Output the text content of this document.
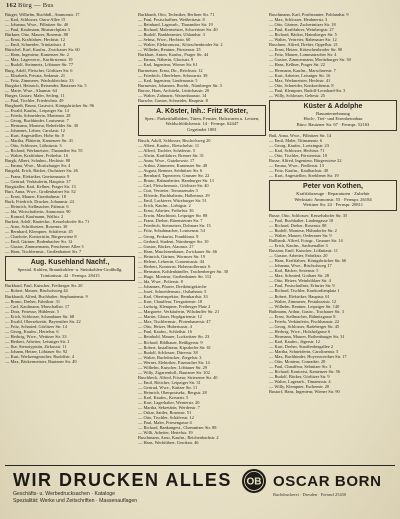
162 Bürg — Bus
Bürger, Wilhelm, Buchhdl., Ammonstr. 17
— Karl, Schlosser, Ostra-Allee 15
— Johanna, Wwe., Pillnitzer Str. 40
— Paul, Kaufmann, Bismarckplatz 3
Bürkner, Otto, Maurer, Rosenstr. 88
— Ernst, Kraftfahrer, Hechtstr. 12
— Emil, Schneider, Trinitatisstr. 4
Bürschel, Karl, Kaufm., Zwickauer Str. 60
— Hans, Ingenieur, Kamenzer Str. 2
— Max, Lagerverw., Kurfürstenstr. 19
— Rudolf, Steinmetz, Löbtauer Str. 77
Burg, Adolf, Fleischer, Görlitzer Str. 6
— Elisabeth, Privata, Sedanstr. 21
— Fritz, Zimmerer, Wachsbleichstr. 33
Burgdorf, Heinrich, Reisender, Bautzner Str. 5
— Marie, Wwe., Alaunstr. 64
Burger, Gustav, Maler, Seilerg. 11
— Paul, Tischler, Friedrichstr. 49
Burghardt, Bruno, Gastwirt, Königsbrücker Str. 96
— Ewald, Kaufm., Leipziger Str. 14
— Frieda, Schneiderin, Marienstr. 28
— Georg, Buchbinder, Louisenstr. 7
— Hermann, Monteur, Rehefelder Str. 30
— Johannes, Lehrer, Carolastr. 12
— Kurt, Angestellter, Hohe Str. 8
— Martha, Plätterin, Kamenzer Str. 41
— Otto, Schlosser, Lößnitzstr. 3
— Richard, Werkmeister, Tharandter Str. 55
— Walter, Kraftfahrer, Fröbelstr. 16
Burgk, Albert, Schuhm., Hechtstr. 88
— Emma, Wwe., Moritzburger Str. 4
Burgold, Erich, Bäcker, Oschatzer Str. 26
— Franz, Elektriker, Gneisenaustr. 9
— Gertrud, Verkäuferin, Hauptstr. 37
Burgstaller, Karl, Kellner, Prager Str. 13
Buri, Anna, Wwe., Großenhainer Str. 52
— Ernst, Maurer, Eisenbahnstr. 18
Burk, Friedrich, Drucker, Johannstr. 24
— Heinrich, Stellmacher, Palmstr. 6
— Ida, Wirtschafterin, Ammonstr. 90
— Konrad, Kaufmann, Wallstr. 2
Burkert, Adolf, Bautechn., Kesselsdorfer Str. 71
— Arno, Schriftsetzer, Rosenstr. 30
— Bernhard, Klempner, Schäferstr. 45
— Charlotte, Kontoristin, Bürgerwiese 8
— Emil, Gärtner, Bodenbacher Str. 12
— Gustav, Zimmermann, Pieschener Allee 3
— Hans, Tischlermstr., Großenhainer Str. 7
Aug. Kusehland Nachf.,
Spezial. Kohlen, Braunkohlen- u. Steinkohlen-Großhdlg.
Trinitatisstr. 42 · Fernspr. 28415
Burkhard, Paul, Kutscher, Freiberger Str. 20
— Robert, Maurer, Bischofsweg 44
Burkhardt, Alfred, Buchhalter, Stephanienstr. 9
— Bruno, Dreher, Fabrikstr. 31
— Carl, Kaufmann, Marschallstr. 17
— Dora, Friseuse, Hüblerstr. 5
— Erich, Schlosser, Schandauer Str. 68
— Ewald, Obersekretär, Bayreuther Str. 22
— Fritz, Schmied, Görlitzer Str. 14
— Georg, Kaufm., Hertelstr. 6
— Hedwig, Wwe., Wettiner Str. 33
— Herbert, Arbeiter, Leisniger Str. 2
— Ilse, Stenotypistin, Zirkusstr. 11
— Johann, Heizer, Löbtauer Str. 92
— Kurt, Werkzeugmacher, Rudolfstr. 4
— Max, Bäckermeister, Bautzner Str. 49
Burkhardt, Otto, Techniker, Berliner Str. 71
— Paul, Postschaffner, Weißeritzstr. 8
— Reinhard, Lagerarb., Tharandter Str. 19
— Richard, Malermeister, Schweriner Str. 40
— Rudolf, Bankbeamter, Uhlandstr. 3
— Selma, Wwe., Hechtstr. 60
— Walter, Elektromont., Kötzschenbroder Str. 2
— Wilhelm, Rentner, Fürstenstr. 25
Burkhart, Anton, Kaufm., Prager Str. 44
— Emma, Näherin, Glacisstr. 9
— Karl, Ingenieur, Wiener Str. 61
Burmeister, Ernst, Dir., Reichsstr. 12
— Friedrich, Oberlehrer, Schnorrstr. 38
— Karl, Ingenieur, Lindenaustr. 5
Burmester, Johannes, Buchh., Nürnberger Str. 3
Burow, Hans, Architekt, Lüttichaustr. 20
— Walter, Zahnarzt, Waisenhausstr. 14
Bursche, Gustav, Schneider, Hauptstr. 8
A. Köster, Inh.: Fritz Köster,
Spez.: Parkettfußböden, Türen, Fenster, Holzwaren u. Leisten,
Waldschlößchenstr. 14 · Fernspr. 62447
Gegründet 1881
Busch, Adolf, Schlosser, Bischofsweg 20
— Albert, Kaufm., Rietschelstr. 11
— Alfred, Tischler, Schäferstr. 5
— Alwin, Kraftfahrer, Bremer Str. 31
— Anna, Wwe., Gutzkowstr. 17
— Arthur, Zimmerer, Kamenzer Str. 48
— August, Rentner, Seidnitzer Str. 6
— Bernhard, Tapezierer, Grunaer Str. 22
— Bruno, Bahnarbeiter, Hamburger Str. 13
— Carl, Fleischermstr., Görlitzer Str. 40
— Curt, Vertreter, Terrassenufer 3
— Elfriede, Buchhalterin, Holbeinstr. 29
— Emil, Lackierer, Würzburger Str. 51
— Erich, Kaufm., Liebigstr. 2
— Ernst, Arbeiter, Fröbelstr. 36
— Erwin, Maschinist, Leipziger Str. 88
— Franz, Dreher, Bärensteiner Str. 7
— Friedrich, Steinsetzer, Dohnaer Str. 15
— Fritz, Schuhmacher, Louisenstr. 54
— Georg, Prokurist, Franklinstr. 9
— Gerhard, Student, Nürnberger Str. 10
— Gustav, Bäcker, Alaunstr. 27
— Hans, Maschinenbauer, Zwickauer Str. 66
— Heinrich, Gärtner, Wormser Str. 19
— Helene, Lehrerin, Comeniusstr. 44
— Herbert, Kontorist, Hohenzollernstr. 6
— Hermann, Kohlenhändler, Trachenberger Str. 30
— Hugo, Monteur, Großenhainer Str. 112
— Ida, Wwe., Polierstr. 8
— Johannes, Pfarrer, Dreikönigskirche
— Josef, Schneidermstr., Ostbahnstr. 5
— Karl, Oberinspektor, Bernhardstr. 33
— Kurt, Chauffeur, Tiergartenstr. 18
— Ludwig, Klempner, Freiberger Platz 2
— Margarete, Verkäuferin, Wilsdruffer Str. 21
— Martin, Glaser, Hopfgartenstr. 12
— Max, Tischlermstr., Pfotenhauerstr. 47
— Otto, Heizer, Hubertusstr. 4
— Paul, Kaufm., Schloßstr. 16
— Reinhold, Maurer, Lockwitzer Str. 23
— Richard, Bildhauer, Reißigerstr. 9
— Robert, Installateur, Kipsdorfer Str. 61
— Rudolf, Schlosser, Dürerstr. 38
— Walter, Buchdrucker, Ziegelstr. 3
— Werner, Elektriker, Eisenacher Str. 14
— Wilhelm, Kutscher, Löbtauer Str. 29
— Willy, Zigarrenhdl., Bautzner Str. 102
Buschbeck, Alfred, Friseur, Striesener Str. 40
— Emil, Böttcher, Leipziger Str. 31
— Gertrud, Wwe., Kaitzer Str. 11
— Heinrich, Oberpostsekr., Bergstr. 28
— Karl, Kaufm., Kreuzstr. 5
— Kurt, Lagerhalter, Wernerstr. 20
— Martha, Sekretärin, Werderstr. 7
— Oskar, Sattler, Rosenstr. 51
— Otto, Tischler, Schäferstr. 12
— Paul, Maler, Friesengasse 4
— Richard, Bankangest., Chemnitzer Str. 88
— Willi, Arbeiter, Hertelstr. 19
Buschmann, Arno, Kaufm., Reichenbachstr. 2
— Hans, Werkführer, Gerokstr. 46
Buschmann, Karl, Postbeamter, Pohlandstr. 9
— Max, Schlosser, Heubnerstr. 3
— Otto, Gärtner, Zschertnitzer Str. 18
— Paul, Kraftfahrer, Weinbergstr. 27
— Richard, Bäcker, Hainsberger Str. 5
— Walter, Vertreter, Rabenauer Str. 12
Buschner, Alfred, Dreher, Oppellstr. 21
— Ernst, Heizer, Kötzschenbroder Str. 90
— Fritz, Maurer, Lommatzscher Str. 4
— Gustav, Zimmermann, Moritzburger Str. 30
— Hans, Kellner, Prager Str. 22
— Hermann, Kaufm., Marschnerstr. 7
— Kurt, Arbeiter, Leisniger Str. 16
— Max, Werkmeister, Hechtstr. 41
— Otto, Schneider, Konkordienstr. 8
— Paul, Klempner, Rudolf-Leonhard-Str. 3
— Willy, Schlosser, Gehestr. 25
Küster & Adolphe
Bauunternehmung
Hoch-, Tief- und Eisenbetonbau
Büro: Bautzner Str. 67 · Fernspr. 52163
Buß, Anna, Wwe., Pillnitzer Str. 14
— Emil, Maler, Tittmannstr. 6
— Georg, Kaufm., Lortzingstr. 23
— Karl, Schlosser, Hechtstr. 71
— Otto, Tischler, Förstereistr. 10
Busse, Alfred, Ingenieur, Bürgerwiese 22
— Emma, Wwe., Fiedlerstr. 13
— Fritz, Kaufm., Kaulbachstr. 40
— Kurt, Angestellter, Strehlener Str. 19
Peter von Kothen,
Kraftfahrzeuge · Reparaturen · Zubehör
Werkstatt: Ammonstr. 55 · Fernspr. 26184
Wettiner Str. 24 · Fernspr. 20811
Busse, Otto, Schlosser, Kesselsdorfer Str. 35
— Paul, Buchhalter, Lindengasse 10
— Richard, Dreher, Rosenstr. 88
— Rudolf, Monteur, Hühndorfer Str. 2
— Walter, Maurer, Oederaner Str. 9
Bußhardt, Alfred, Fotogr., Grunaer Str. 14
— Erich, Kaufm., Sachsenallee 3
Bussian, Emil, Kutscher, Lößnitzstr. 11
— Gustav, Arbeiter, Fabrikstr. 20
— Hans, Kraftfahrer, Königsbrücker Str. 66
— Johanna, Wwe., Bischofsweg 17
— Karl, Bäcker, Seitenstr. 5
— Max, Schmied, Gothaer Str. 28
— Otto, Heizer, Weinböhlaer Str. 4
— Paul, Postschaffner, Erfurter Str. 9
— Richard, Tischler, Konkordienplatz 1
— Robert, Elektriker, Hauptstr. 61
— Walter, Zimmerer, Pestalozzistr. 12
— Wilhelm, Rentner, Leipziger Str. 140
Bußmann, Arthur, Gastw., Trachauer Str. 3
— Ernst, Stellmacher, Rähnitzgasse 8
— Frieda, Verkäuferin, Fischhausstr. 22
— Georg, Schlosser, Radeberger Str. 45
— Hedwig, Wwe., Holzhofgasse 6
— Hermann, Maurer, Rothenburger Str. 31
— Karl, Kaufm., Jägerstr. 12
— Kurt, Dreher, Stauffenbergallee 2
— Martha, Schneiderin, Carolinenstr. 5
— Max, Buchbinder, Hoyerswerdaer Str. 17
— Otto, Monteur, Conradstr. 28
— Paul, Chauffeur, Sebnitzer Str. 3
— Richard, Kontorist, Kamenzer Str. 56
— Rudolf, Bäcker, Görlitzer Str. 9
— Walter, Lagerarb., Timaeusstr. 4
— Willy, Klempner, Eschenstr. 20
Bustorf, Hans, Ingenieur, Wiener Str. 90
WIR DRUCKEN ALLES
Geschäfts- u. Werbedrucksachen · Kataloge
Spezialität: Werke und Zeitschriften · Massenauflagen
OB OSCAR BORN
Buchdruckerei · Dresden · Fernruf 25430
